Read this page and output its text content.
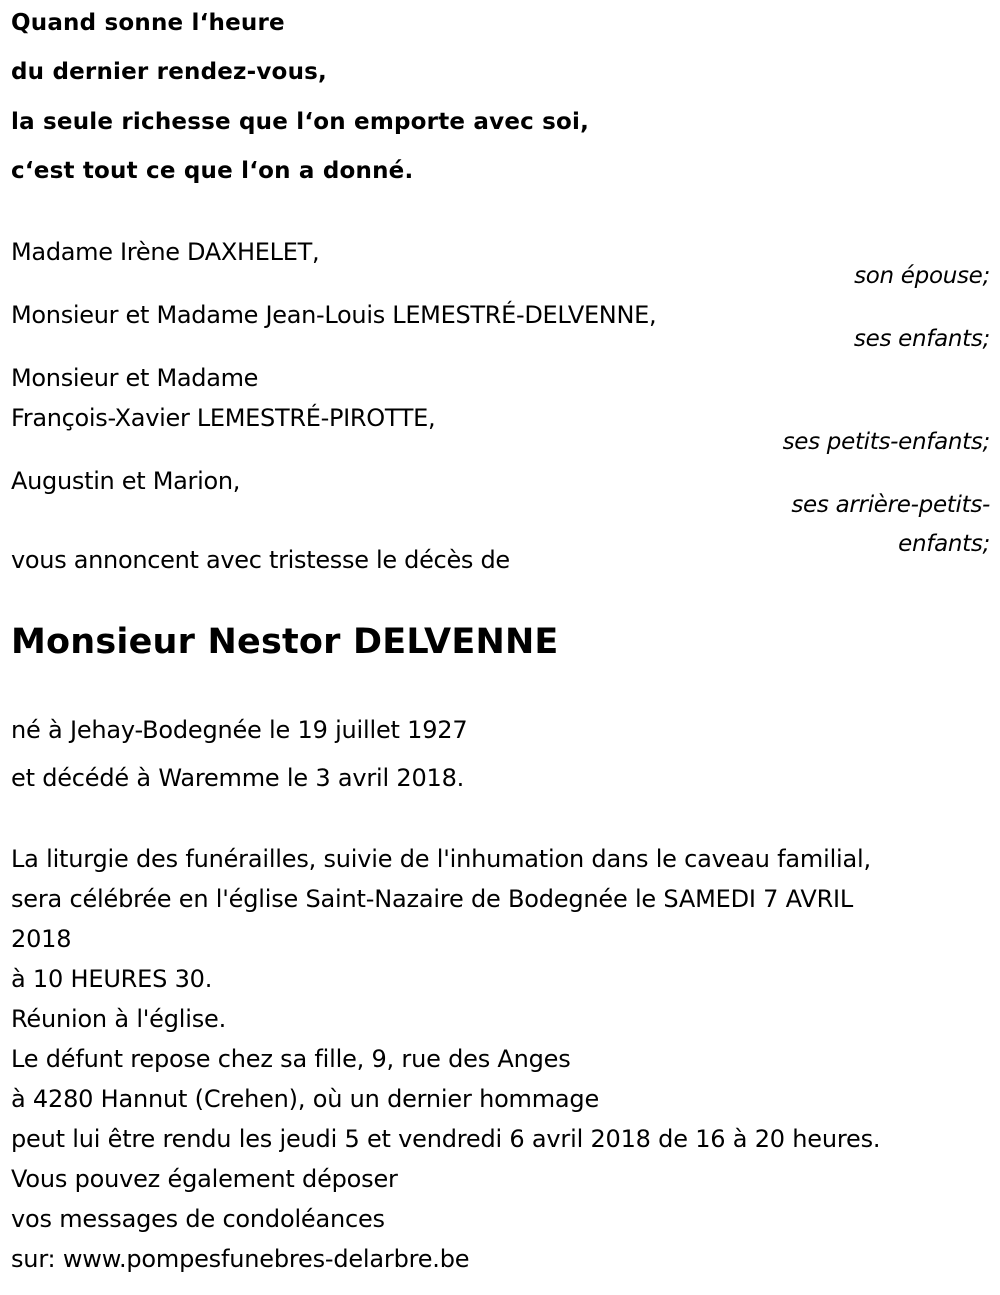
Quand sonne l‘heure
du dernier rendez-vous,
la seule richesse que l‘on emporte avec soi,
c‘est tout ce que l‘on a donné.
Madame Irène DAXHELET,
son épouse;
Monsieur et Madame Jean-Louis LEMESTRÉ-DELVENNE,
ses enfants;
Monsieur et Madame
François-Xavier LEMESTRÉ-PIROTTE,
ses petits-enfants;
Augustin et Marion,
ses arrière-petits-
enfants;
vous annoncent avec tristesse le décès de
Monsieur Nestor DELVENNE
né à Jehay-Bodegnée le 19 juillet 1927
et décédé à Waremme le 3 avril 2018.
La liturgie des funérailles, suivie de l'inhumation dans le caveau familial,
sera célébrée en l'église Saint-Nazaire de Bodegnée le SAMEDI 7 AVRIL
2018
à 10 HEURES 30.
Réunion à l'église.
Le défunt repose chez sa fille, 9, rue des Anges
à 4280 Hannut (Crehen), où un dernier hommage
peut lui être rendu les jeudi 5 et vendredi 6 avril 2018 de 16 à 20 heures.
Vous pouvez également déposer
vos messages de condoléances
sur: www.pompesfunebres-delarbre.be
